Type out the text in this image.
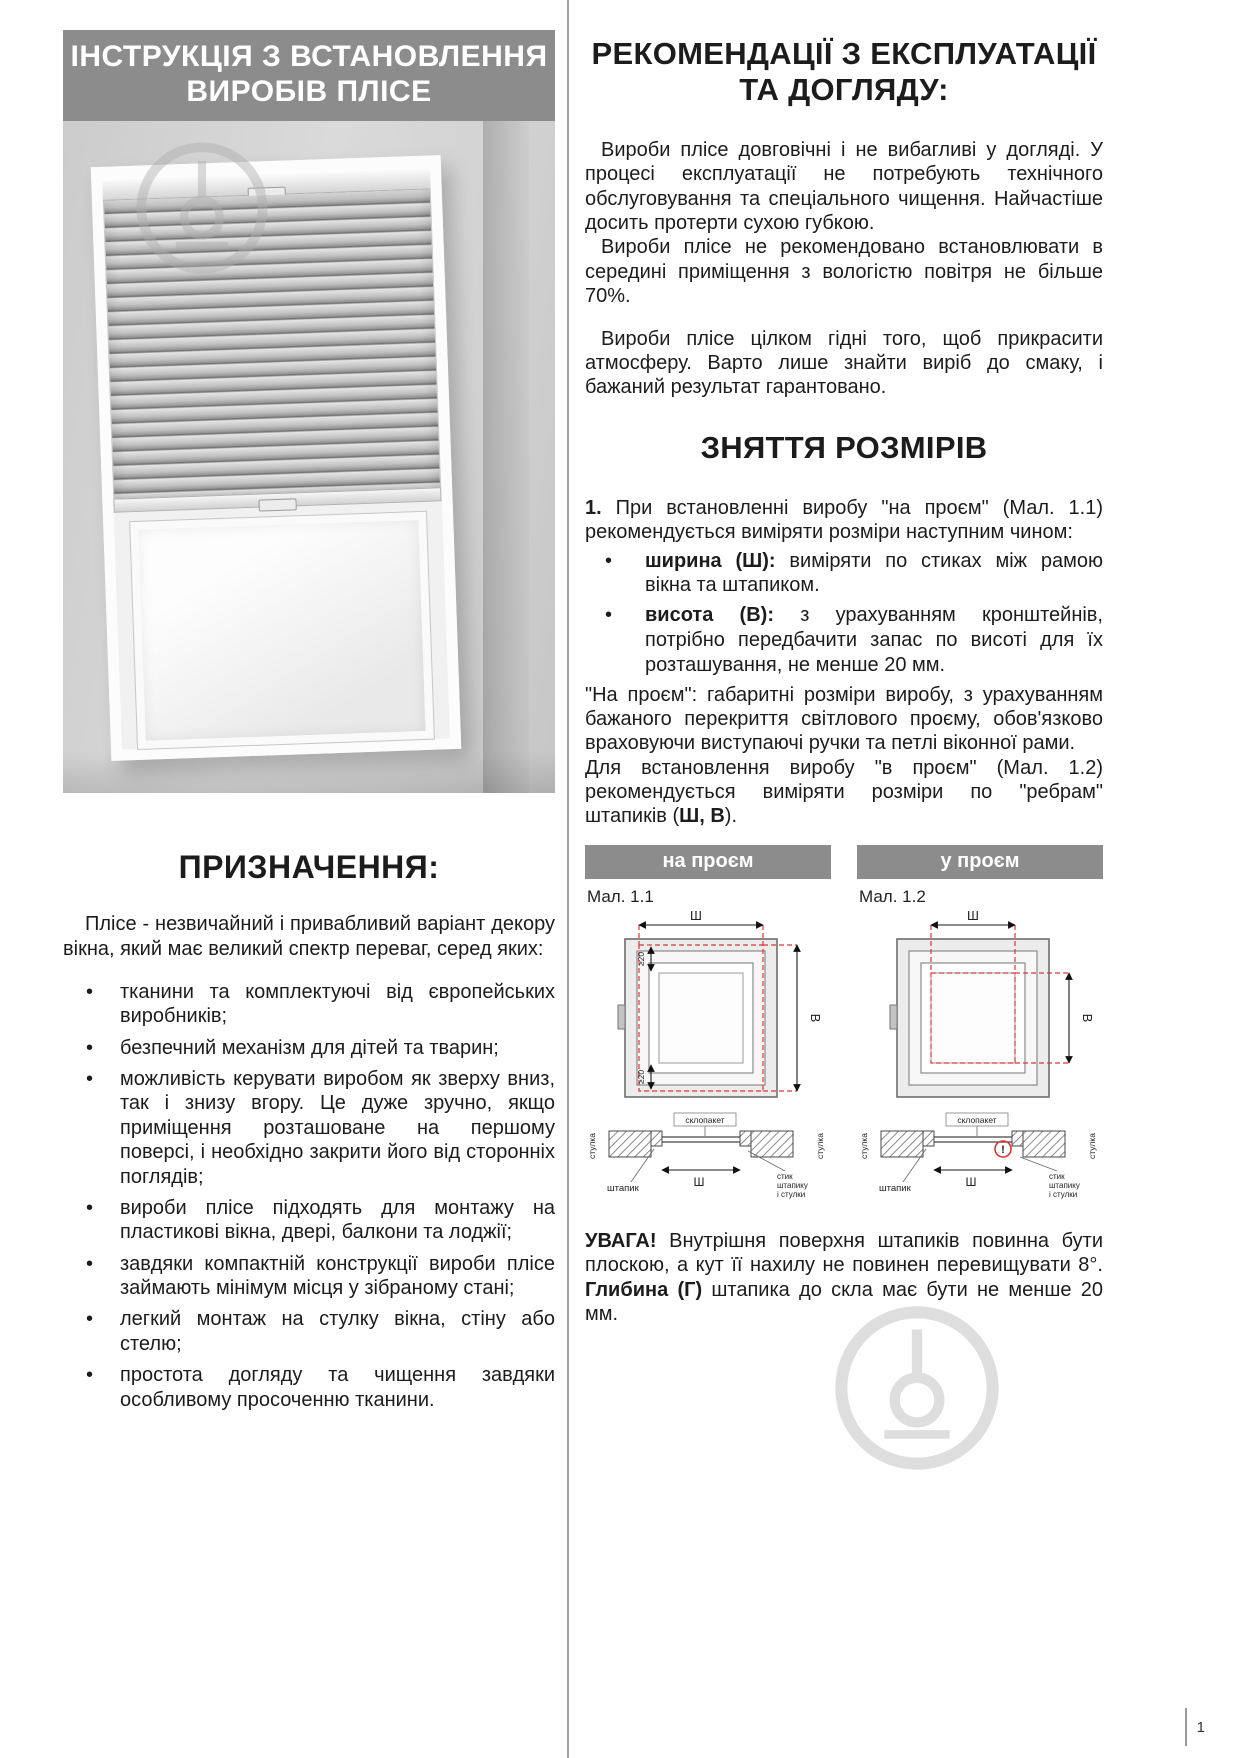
ІНСТРУКЦІЯ З ВСТАНОВЛЕННЯ
ВИРОБІВ ПЛІСЕ
ПРИЗНАЧЕННЯ:

Плісе - незвичайний і привабливий варіант декору вікна, який має великий спектр переваг, серед яких:

• тканини та комплектуючі від європейських виробників;
• безпечний механізм для дітей та тварин;
• можливість керувати виробом як зверху вниз, так і знизу вгору. Це дуже зручно, якщо приміщення розташоване на першому поверсі, і необхідно закрити його від сторонніх поглядів;
• вироби плісе підходять для монтажу на пластикові вікна, двері, балкони та лоджії;
• завдяки компактній конструкції вироби плісе займають мінімум місця у зібраному стані;
• легкий монтаж на стулку вікна, стіну або стелю;
• простота догляду та чищення завдяки особливому просоченню тканини.
РЕКОМЕНДАЦІЇ З ЕКСПЛУАТАЦІЇ
ТА ДОГЛЯДУ:

Вироби плісе довговічні і не вибагливі у догляді. У процесі експлуатації не потребують технічного обслуговування та спеціального чищення. Найчастіше досить протерти сухою губкою.

Вироби плісе не рекомендовано встановлювати в середині приміщення з вологістю повітря не більше 70%.

Вироби плісе цілком гідні того, щоб прикрасити атмосферу. Варто лише знайти виріб до смаку, і бажаний результат гарантовано.

ЗНЯТТЯ РОЗМІРІВ

1. При встановленні виробу "на проєм" (Мал. 1.1) рекомендується виміряти розміри наступним чином:

• ширина (Ш): виміряти по стиках між рамою вікна та штапиком.
• висота (В): з урахуванням кронштейнів, потрібно передбачити запас по висоті для їх розташування, не менше 20 мм.

"На проєм": габаритні розміри виробу, з урахуванням бажаного перекриття світлового проєму, обов'язково враховуючи виступаючі ручки та петлі віконної рами.

Для встановлення виробу "в проєм" (Мал. 1.2) рекомендується виміряти розміри по "ребрам" штапиків (Ш, В).

на проєм
Мал. 1.1
Ш
В
≥20
≥20
стулка	стулка
склопакет
штапик	Ш	стик
штапику
і стулки
у проєм
Мал. 1.2
Ш
В
стулка	стулка
склопакет
!
штапик	Ш	стик
штапику
і стулки

УВАГА! Внутрішня поверхня штапиків повинна бути плоскою, а кут її нахилу не повинен перевищувати 8°. Глибина (Г) штапика до скла має бути не менше 20 мм.

1
